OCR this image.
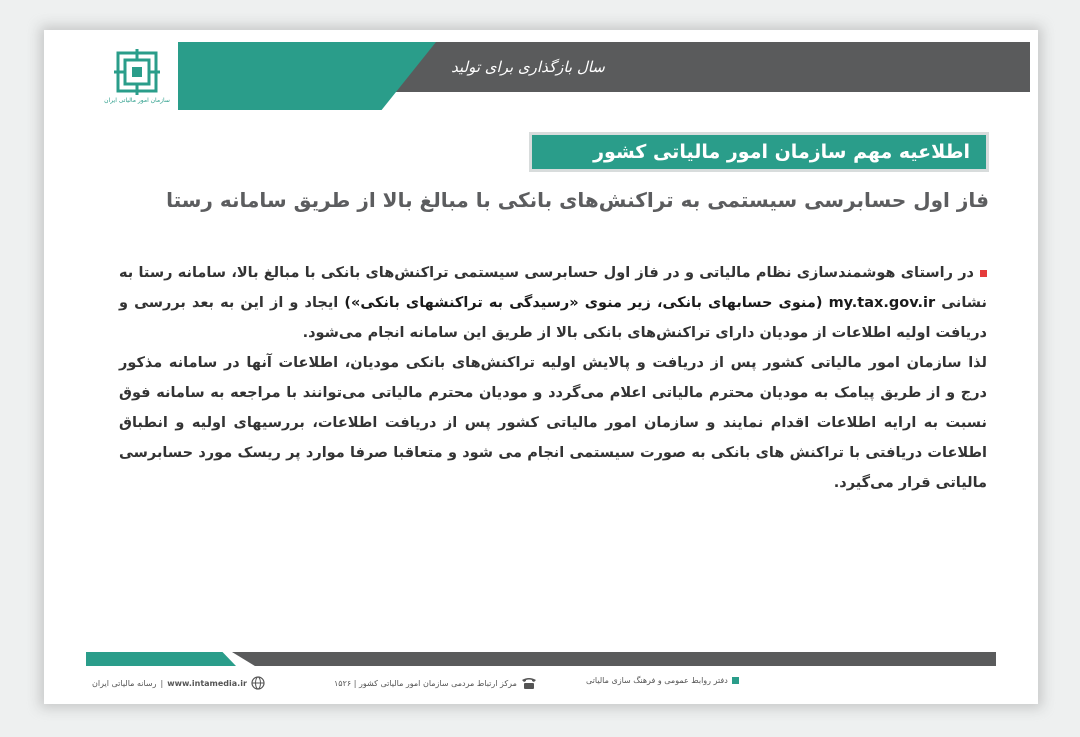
سازمان امور مالیاتی ایران
سال بازگذاری برای تولید
اطلاعیه مهم سازمان امور مالیاتی کشور
فاز اول حسابرسی سیستمی به تراکنش‌های بانکی با مبالغ بالا از طریق سامانه رستا
در راستای هوشمندسازی نظام مالیاتی و در فاز اول حسابرسی سیستمی تراکنش‌های بانکی با مبالغ بالا، سامانه رستا به نشانی my.tax.gov.ir (منوی حسابهای بانکی، زیر منوی «رسیدگی به تراکنشهای بانکی») ایجاد و از این به بعد بررسی و دریافت اولیه اطلاعات از مودیان دارای تراکنش‌های بانکی بالا از طریق این سامانه انجام می‌شود.
لذا سازمان امور مالیاتی کشور پس از دریافت و پالایش اولیه تراکنش‌های بانکی مودیان، اطلاعات آنها در سامانه مذکور درج و از طریق پیامک به مودیان محترم مالیاتی اعلام می‌گردد و مودیان محترم مالیاتی می‌توانند با مراجعه به سامانه فوق نسبت به ارایه اطلاعات اقدام نمایند و سازمان امور مالیاتی کشور پس از دریافت اطلاعات، بررسیهای اولیه و انطباق اطلاعات دریافتی با تراکنش های بانکی به صورت سیستمی انجام می شود و متعاقبا صرفا موارد پر ریسک مورد حسابرسی مالیاتی قرار می‌گیرد.
رسانه مالیاتی ایران | www.intamedia.ir	۱۵۲۶ | مرکز ارتباط مردمی سازمان امور مالیاتی کشور	دفتر روابط عمومی و فرهنگ سازی مالیاتی
